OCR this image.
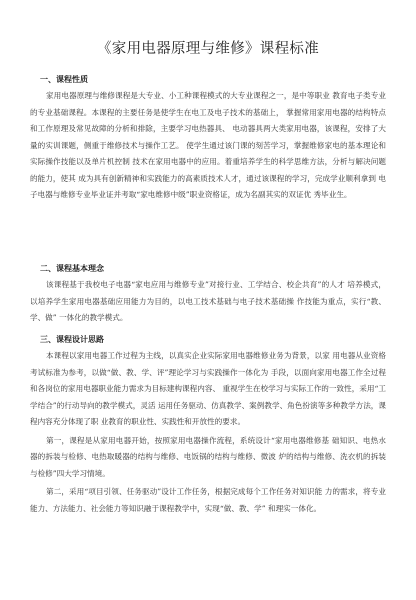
《家用电器原理与维修》课程标准
一、课程性质

家用电器原理与维修课程是大专业、小工种课程模式的大专业课程之一，是中等职业 教育电子类专业的专业基础课程。本课程的主要任务是使学生在电工及电子技术的基础上， 掌握常用家用电器的结构特点和工作原理及常见故障的分析和排除，主要学习电热器具、 电动器具两大类家用电器，该课程，安排了大量的实训课题，侧重于维修技术与操作工艺。 使学生通过该门课的刻苦学习，掌握维修家电的基本理论和实际操作技能以及单片机控制 技术在家用电器中的应用。着重培养学生的科学思维方法，分析与解决问题的能力，使其 成为具有创新精神和实践能力的高素质技术人才，通过该课程的学习，完成学业顺利拿到 电子电器与维修专业毕业证并考取“家电维修中级”职业资格证，成为名副其实的双证优 秀毕业生。

二、课程基本理念

该课程基于我校电子电器“家电应用与维修专业”对接行业、工学结合、校企共育”的人才 培养模式，以培养学生家用电器基础应用能力为目的，以电工技术基础与电子技术基础操 作技能为重点，实行“教、学、做” 一体化的教学模式。

三、课程设计思路

本课程以家用电器工作过程为主线，以真实企业实际家用电器维修业务为背景，以家 用电器从业资格考试标准为参考，以做“做、教、学、评”理论学习与实践操作一体化为 手段，以面向家用电器工作全过程和各岗位的家用电器职业能力需求为目标建构课程内容、 重视学生在校学习与实际工作的一致性，采用“工学结合”的行动导向的教学模式，灵活 运用任务驱动、仿真教学、案例教学、角色扮演等多种教学方法，课程内容充分体现了职 业教育的职业性、实践性和开放性的要求。

第一，课程是从家用电器开始，按照家用电器操作流程，系统设计“家用电器维修基 础知识、电热水器的拆装与检修、电热取暖器的结构与维修、电饭锅的结构与维修、微波 炉的结构与维修、洗衣机的拆装与检修”四大学习情境。

第二，采用“项目引领、任务驱动”设计工作任务，根据完成每个工作任务对知识能 力的需求，将专业能力、方法能力、社会能力等知识融于课程教学中，实现“做、教、学” 和理实一体化。
